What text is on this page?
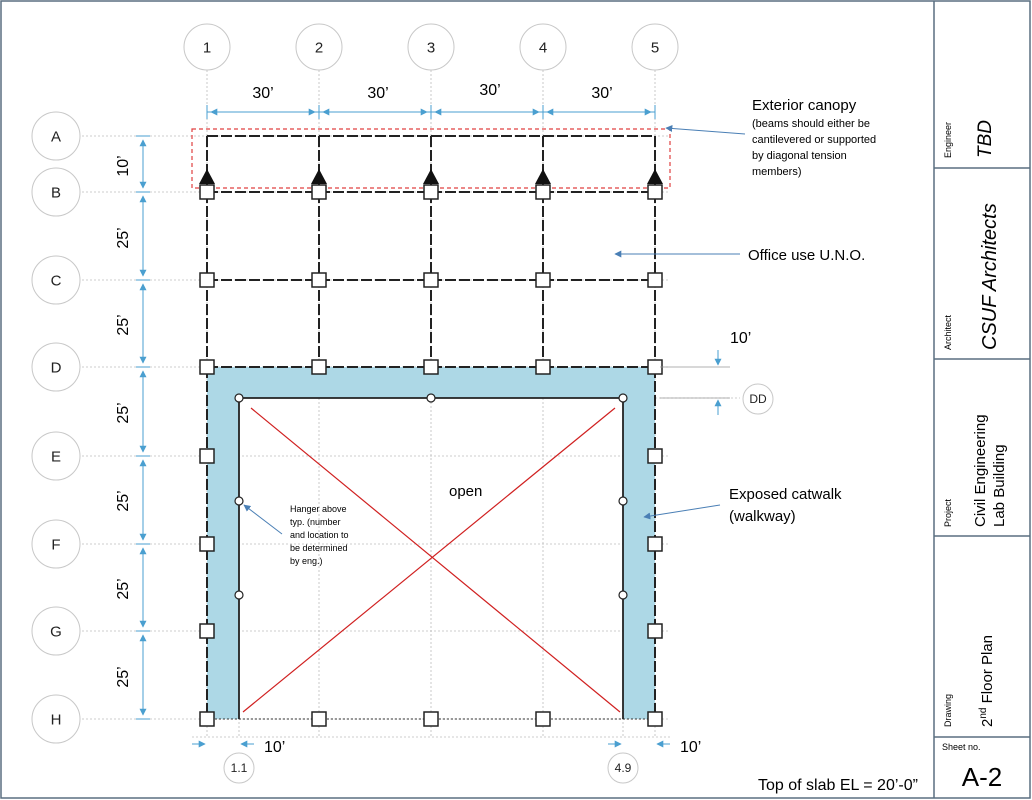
Engineer TBD
Architect CSUF Architects
Project Civil Engineering Lab Building
Drawing 2nd Floor Plan
Sheet no.
A-2
1	2	3	4	5
A
B
C
D
E
F
G
H
DD
1.1	4.9
30’	30’	30’	30’
10’
25’
25’
25’
25’
25’
25’
10’
10’	10’
Exterior canopy
(beams should either be
cantilevered or supported
by diagonal tension
members)
Office use U.N.O.
open	Exposed catwalk
(walkway)
Hanger above
typ. (number
and location to
be determined
by eng.)
Top of slab EL = 20’-0”
